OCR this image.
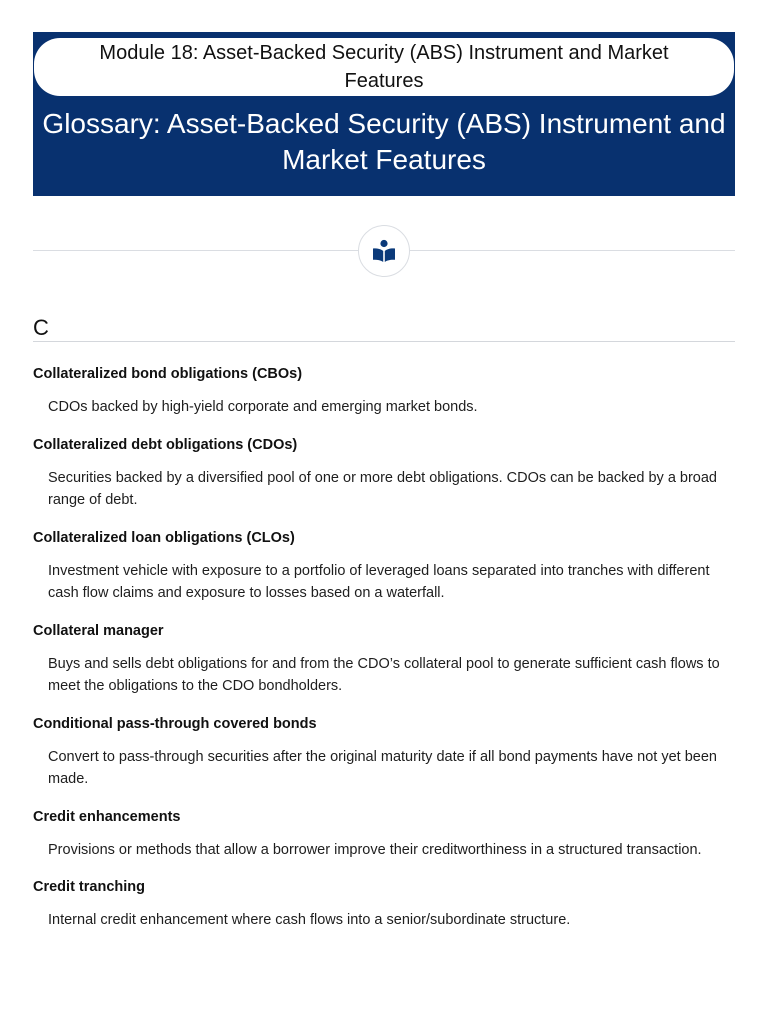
Module 18: Asset-Backed Security (ABS) Instrument and Market Features
Glossary: Asset-Backed Security (ABS) Instrument and Market Features
C

Collateralized bond obligations (CBOs)

CDOs backed by high-yield corporate and emerging market bonds.

Collateralized debt obligations (CDOs)

Securities backed by a diversified pool of one or more debt obligations. CDOs can be backed by a broad range of debt.

Collateralized loan obligations (CLOs)

Investment vehicle with exposure to a portfolio of leveraged loans separated into tranches with different cash flow claims and exposure to losses based on a waterfall.

Collateral manager

Buys and sells debt obligations for and from the CDO’s collateral pool to generate sufficient cash flows to meet the obligations to the CDO bondholders.

Conditional pass-through covered bonds

Convert to pass-through securities after the original maturity date if all bond payments have not yet been made.

Credit enhancements

Provisions or methods that allow a borrower improve their creditworthiness in a structured transaction.

Credit tranching

Internal credit enhancement where cash flows into a senior/subordinate structure.
